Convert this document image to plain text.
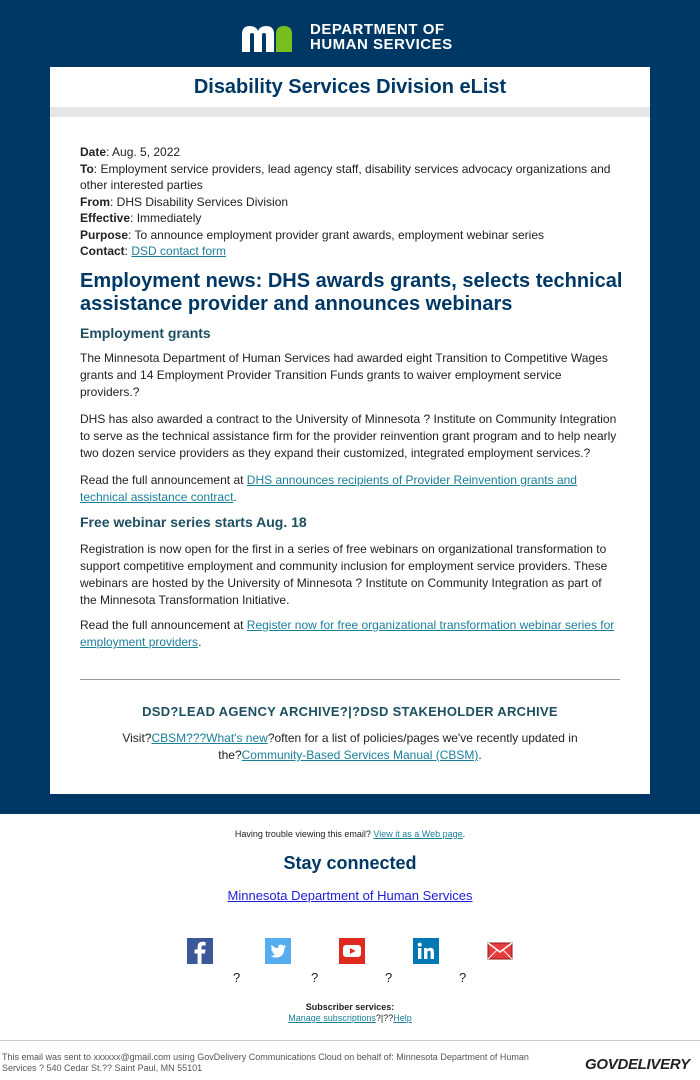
DEPARTMENT OF
HUMAN SERVICES
Disability Services Division eList
Date: Aug. 5, 2022
To: Employment service providers, lead agency staff, disability services advocacy organizations and other interested parties
From: DHS Disability Services Division
Effective: Immediately
Purpose: To announce employment provider grant awards, employment webinar series
Contact: DSD contact form
Employment news: DHS awards grants, selects technical assistance provider and announces webinars
Employment grants
The Minnesota Department of Human Services had awarded eight Transition to Competitive Wages grants and 14 Employment Provider Transition Funds grants to waiver employment service providers.?
DHS has also awarded a contract to the University of Minnesota ? Institute on Community Integration to serve as the technical assistance firm for the provider reinvention grant program and to help nearly two dozen service providers as they expand their customized, integrated employment services.?
Read the full announcement at DHS announces recipients of Provider Reinvention grants and technical assistance contract.
Free webinar series starts Aug. 18
Registration is now open for the first in a series of free webinars on organizational transformation to support competitive employment and community inclusion for employment service providers. These webinars are hosted by the University of Minnesota ? Institute on Community Integration as part of the Minnesota Transformation Initiative.
Read the full announcement at Register now for free organizational transformation webinar series for employment providers.
DSD?LEAD AGENCY ARCHIVE?|?DSD STAKEHOLDER ARCHIVE
Visit?CBSM???What's new?often for a list of policies/pages we've recently updated in the?Community-Based Services Manual (CBSM).
Having trouble viewing this email? View it as a Web page.
Stay connected
Minnesota Department of Human Services
?	?	?	?
Subscriber services:
Manage subscriptions?|??Help
This email was sent to xxxxxx@gmail.com using GovDelivery Communications Cloud on behalf of: Minnesota Department of Human Services ? 540 Cedar St.?? Saint Paul, MN 55101	GOVDELIVERY
